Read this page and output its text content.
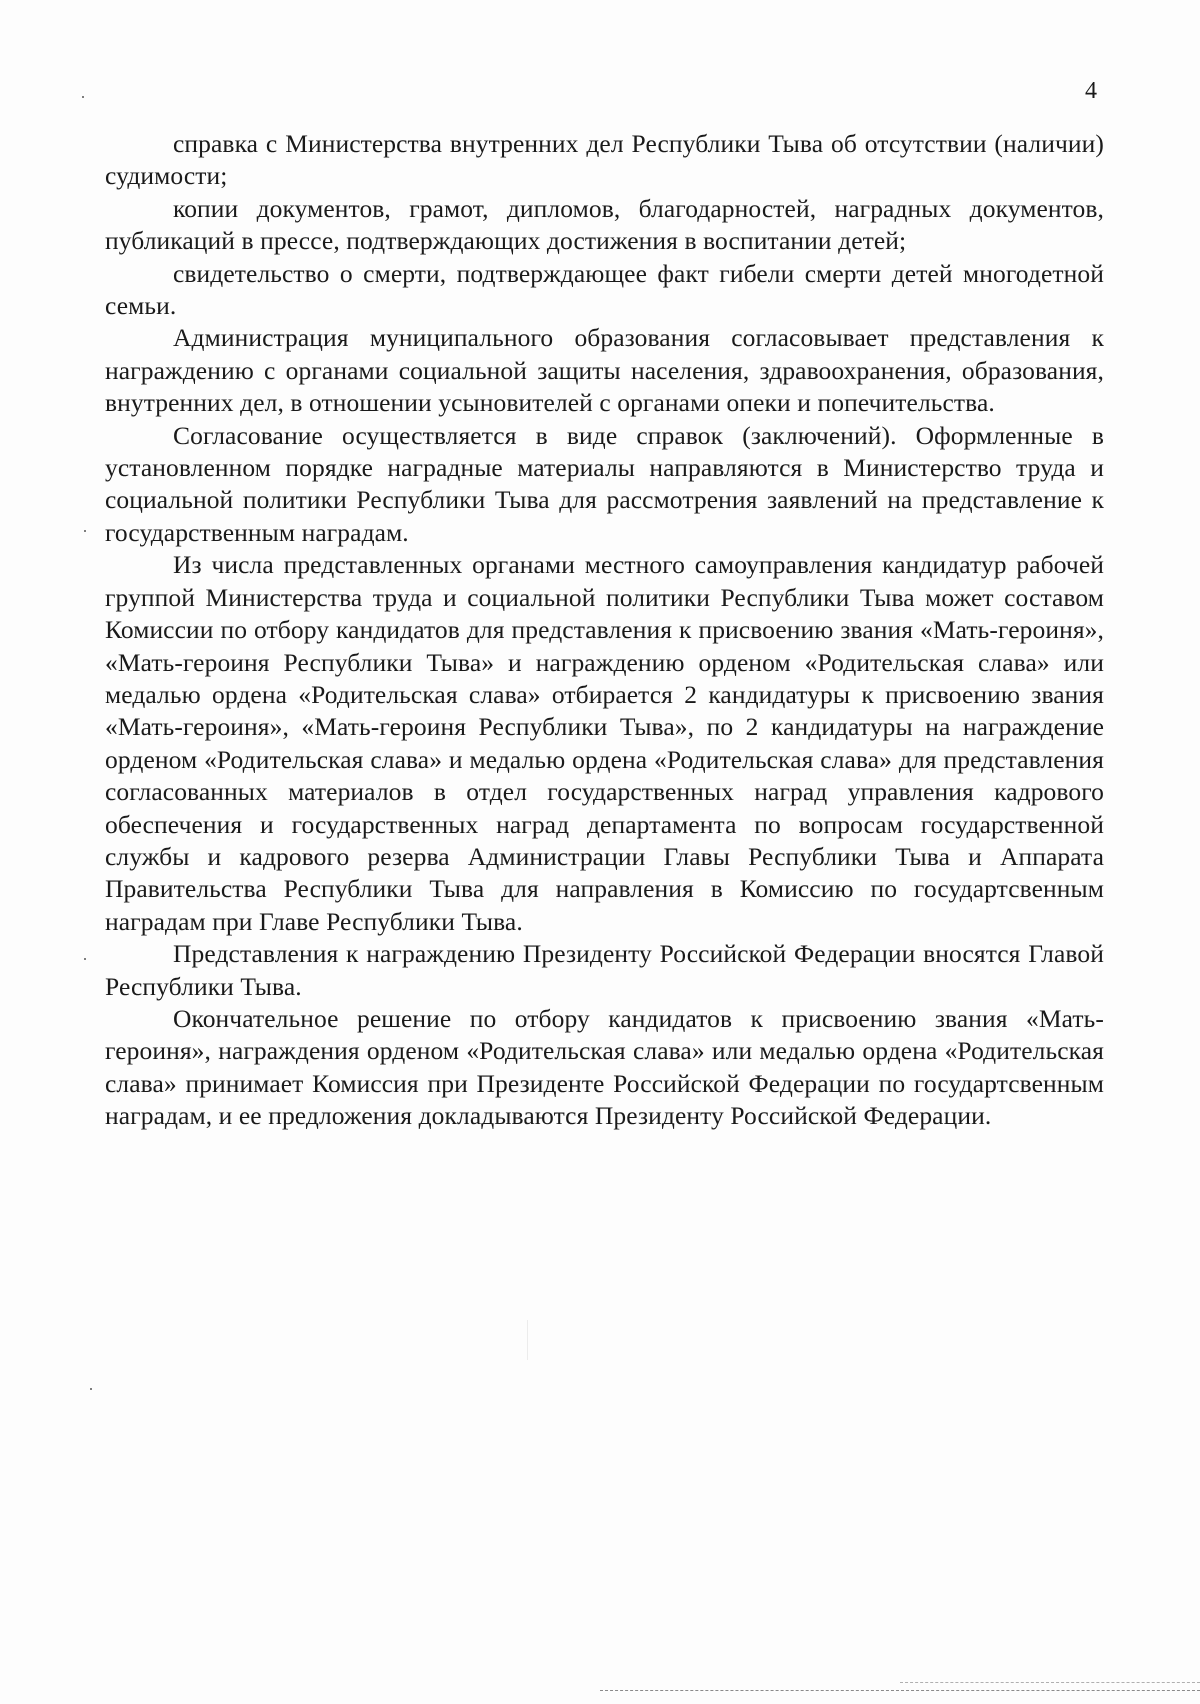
4

справка с Министерства внутренних дел Республики Тыва об отсутствии (наличии) судимости;

копии документов, грамот, дипломов, благодарностей, наградных документов, публикаций в прессе, подтверждающих достижения в воспитании детей;

свидетельство о смерти, подтверждающее факт гибели смерти детей многодетной семьи.

Администрация муниципального образования согласовывает представления к награждению с органами социальной защиты населения, здравоохранения, образования, внутренних дел, в отношении усыновителей с органами опеки и попечительства.

Согласование осуществляется в виде справок (заключений). Оформленные в установленном порядке наградные материалы направляются в Министерство труда и социальной политики Республики Тыва для рассмотрения заявлений на представление к государственным наградам.

Из числа представленных органами местного самоуправления кандидатур рабочей группой Министерства труда и социальной политики Республики Тыва может составом Комиссии по отбору кандидатов для представления к присвоению звания «Мать-героиня», «Мать-героиня Республики Тыва» и награждению орденом «Родительская слава» или медалью ордена «Родительская слава» отбирается 2 кандидатуры к присвоению звания «Мать-героиня», «Мать-героиня Республики Тыва», по 2 кандидатуры на награждение орденом «Родительская слава» и медалью ордена «Родительская слава» для представления согласованных материалов в отдел государственных наград управления кадрового обеспечения и государственных наград департамента по вопросам государственной службы и кадрового резерва Администрации Главы Республики Тыва и Аппарата Правительства Республики Тыва для направления в Комиссию по государтсвенным наградам при Главе Республики Тыва.

Представления к награждению Президенту Российской Федерации вносятся Главой Республики Тыва.

Окончательное решение по отбору кандидатов к присвоению звания «Мать-героиня», награждения орденом «Родительская слава» или медалью ордена «Родительская слава» принимает Комиссия при Президенте Российской Федерации по государтсвенным наградам, и ее предложения докладываются Президенту Российской Федерации.
